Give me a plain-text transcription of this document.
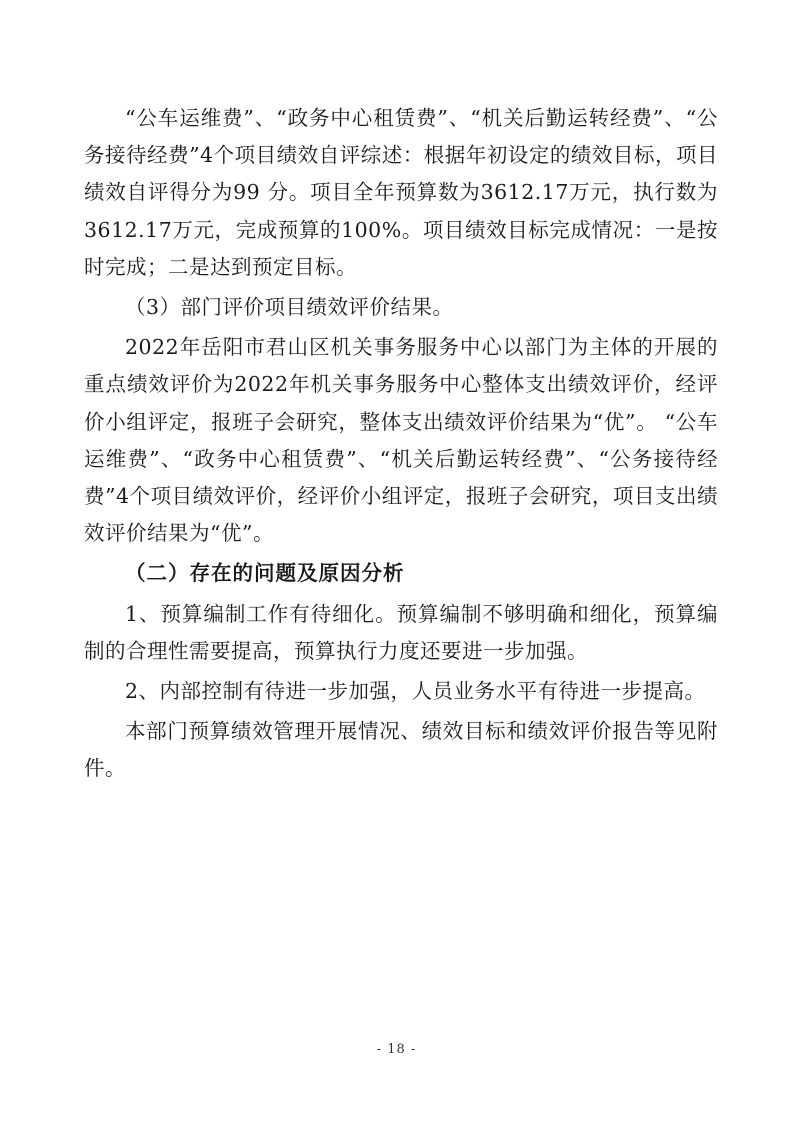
“公车运维费”、“政务中心租赁费”、“机关后勤运转经费”、“公务接待经费”4个项目绩效自评综述：根据年初设定的绩效目标，项目绩效自评得分为99 分。项目全年预算数为3612.17万元，执行数为3612.17万元，完成预算的100%。项目绩效目标完成情况：一是按时完成；二是达到预定目标。

（3）部门评价项目绩效评价结果。

2022年岳阳市君山区机关事务服务中心以部门为主体的开展的重点绩效评价为2022年机关事务服务中心整体支出绩效评价，经评价小组评定，报班子会研究，整体支出绩效评价结果为“优”。 “公车运维费”、“政务中心租赁费”、“机关后勤运转经费”、“公务接待经费”4个项目绩效评价，经评价小组评定，报班子会研究，项目支出绩效评价结果为“优”。

（二）存在的问题及原因分析

1、预算编制工作有待细化。预算编制不够明确和细化，预算编制的合理性需要提高，预算执行力度还要进一步加强。

2、内部控制有待进一步加强，人员业务水平有待进一步提高。

本部门预算绩效管理开展情况、绩效目标和绩效评价报告等见附件。

- 18 -
